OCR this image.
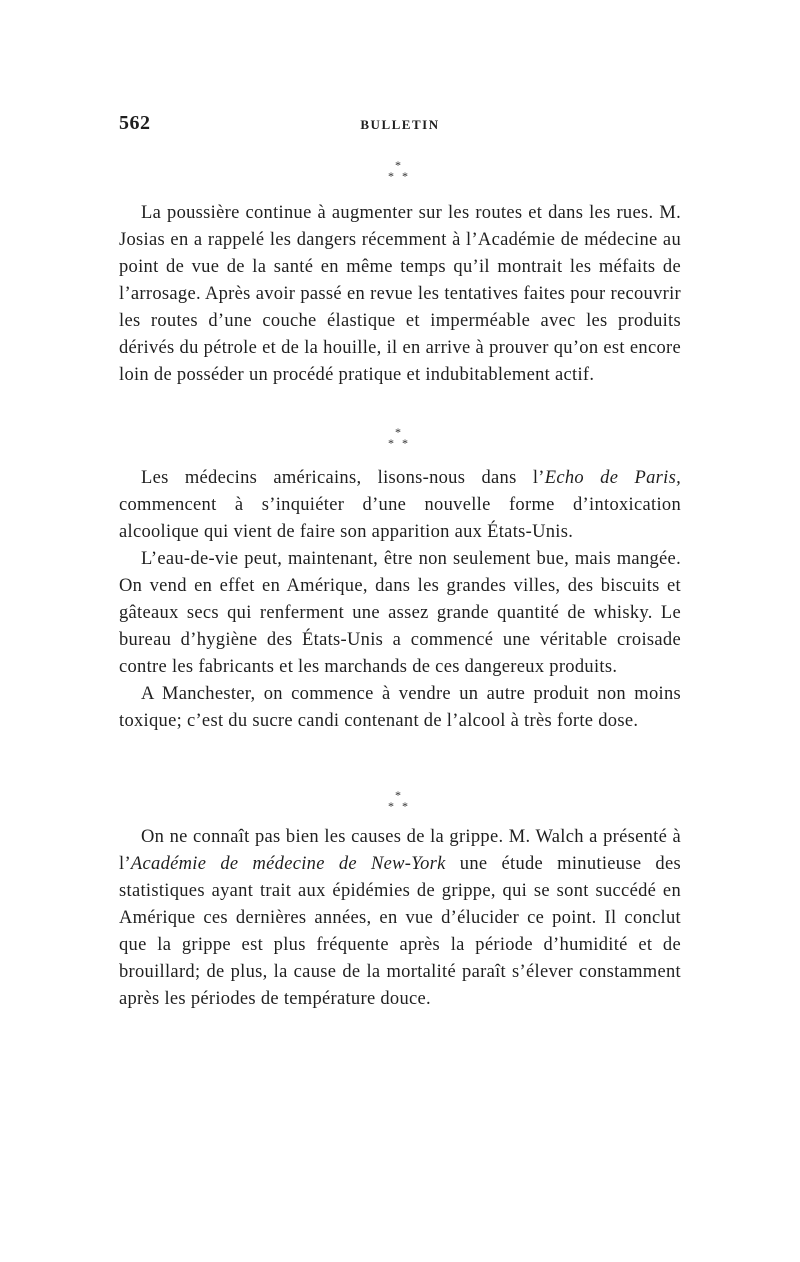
562	BULLETIN
*
**

La poussière continue à augmenter sur les routes et dans les rues. M. Josias en a rappelé les dangers récemment à l’Académie de médecine au point de vue de la santé en même temps qu’il montrait les méfaits de l’arrosage. Après avoir passé en revue les tentatives faites pour recouvrir les routes d’une couche élastique et imperméable avec les produits dérivés du pétrole et de la houille, il en arrive à prouver qu’on est encore loin de posséder un procédé pratique et indubitablement actif.

*
**

Les médecins américains, lisons-nous dans l’Echo de Paris, commencent à s’inquiéter d’une nouvelle forme d’intoxication alcoolique qui vient de faire son apparition aux États-Unis.

L’eau-de-vie peut, maintenant, être non seulement bue, mais mangée. On vend en effet en Amérique, dans les grandes villes, des biscuits et gâteaux secs qui renferment une assez grande quantité de whisky. Le bureau d’hygiène des États-Unis a commencé une véritable croisade contre les fabricants et les marchands de ces dangereux produits.

A Manchester, on commence à vendre un autre produit non moins toxique; c’est du sucre candi contenant de l’alcool à très forte dose.

*
**

On ne connaît pas bien les causes de la grippe. M. Walch a présenté à l’Académie de médecine de New-York une étude minutieuse des statistiques ayant trait aux épidémies de grippe, qui se sont succédé en Amérique ces dernières années, en vue d’élucider ce point. Il conclut que la grippe est plus fréquente après la période d’humidité et de brouillard; de plus, la cause de la mortalité paraît s’élever constamment après les périodes de température douce.
